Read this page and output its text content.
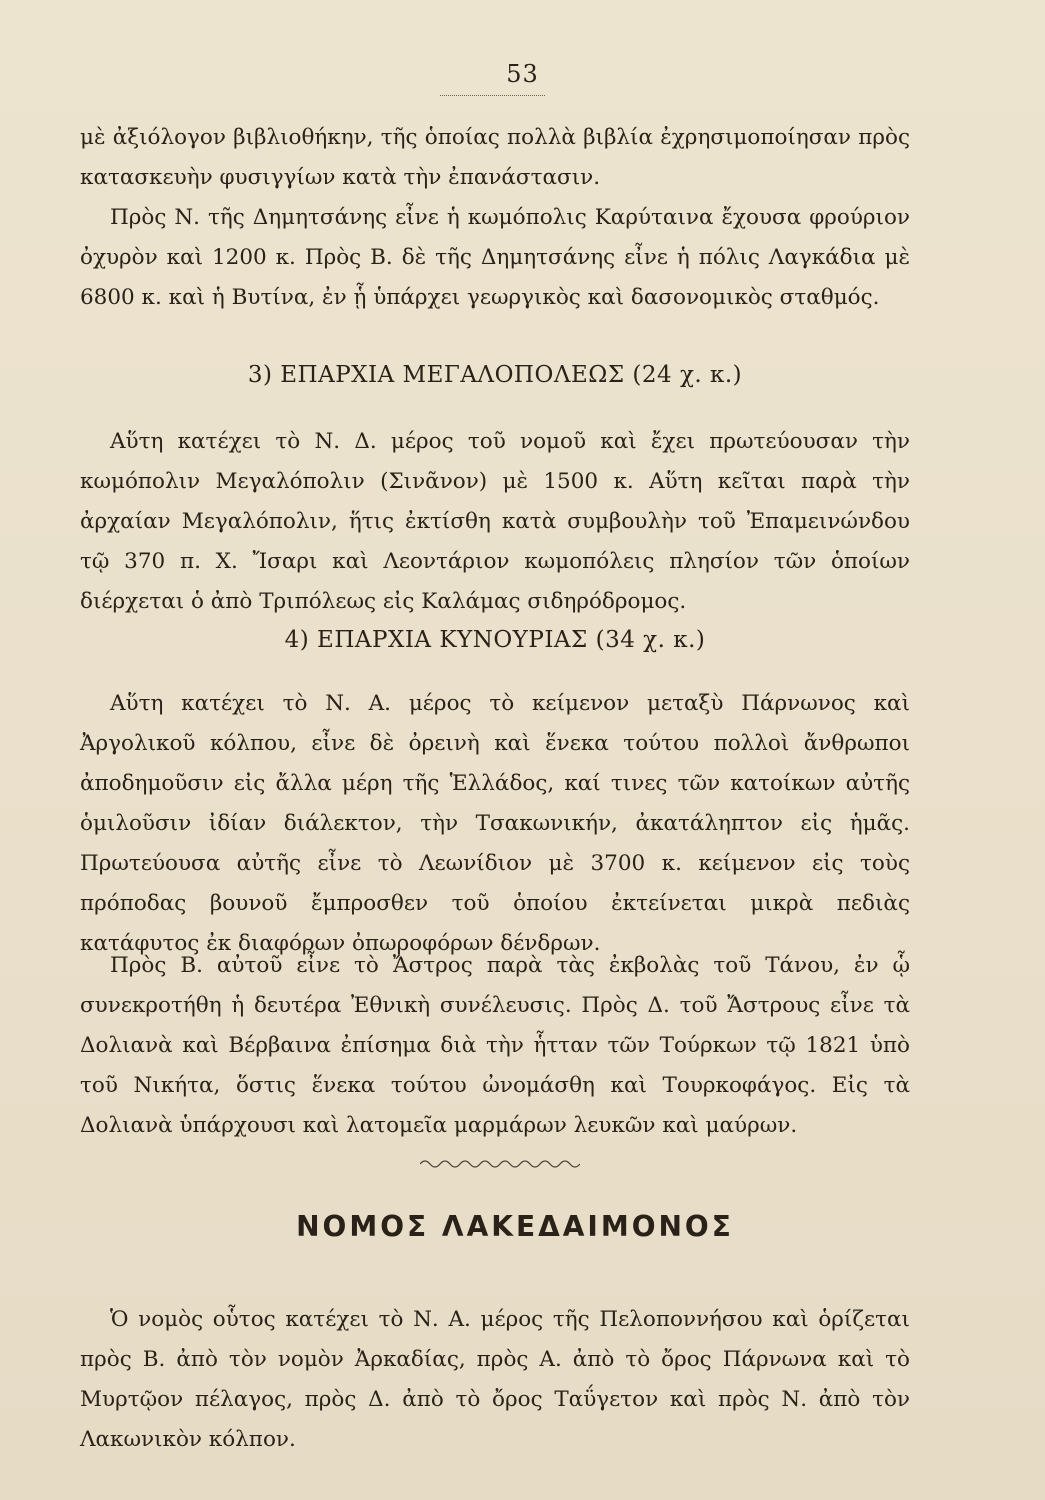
53
μὲ ἀξιόλογον βιβλιοθήκην, τῆς ὁποίας πολλὰ βιβλία ἐχρησιμοποίησαν πρὸς κατασκευὴν φυσιγγίων κατὰ τὴν ἐπανάστασιν.
Πρὸς Ν. τῆς Δημητσάνης εἶνε ἡ κωμόπολις Καρύταινα ἔχουσα φρούριον ὀχυρὸν καὶ 1200 κ. Πρὸς Β. δὲ τῆς Δημητσάνης εἶνε ἡ πόλις Λαγκάδια μὲ 6800 κ. καὶ ἡ Βυτίνα, ἐν ᾗ ὑπάρχει γεωργικὸς καὶ δασονομικὸς σταθμός.
3) ΕΠΑΡΧΙΑ ΜΕΓΑΛΟΠΟΛΕΩΣ (24 χ. κ.)
Αὕτη κατέχει τὸ Ν. Δ. μέρος τοῦ νομοῦ καὶ ἔχει πρωτεύουσαν τὴν κωμόπολιν Μεγαλόπολιν (Σινᾶνον) μὲ 1500 κ. Αὕτη κεῖται παρὰ τὴν ἀρχαίαν Μεγαλόπολιν, ἥτις ἐκτίσθη κατὰ συμβουλὴν τοῦ Ἐπαμεινώνδου τῷ 370 π. Χ. Ἴσαρι καὶ Λεοντάριον κωμοπόλεις πλησίον τῶν ὁποίων διέρχεται ὁ ἀπὸ Τριπόλεως εἰς Καλάμας σιδηρόδρομος.
4) ΕΠΑΡΧΙΑ ΚΥΝΟΥΡΙΑΣ (34 χ. κ.)
Αὕτη κατέχει τὸ Ν. Α. μέρος τὸ κείμενον μεταξὺ Πάρνωνος καὶ Ἀργολικοῦ κόλπου, εἶνε δὲ ὀρεινὴ καὶ ἕνεκα τούτου πολλοὶ ἄνθρωποι ἀποδημοῦσιν εἰς ἄλλα μέρη τῆς Ἑλλάδος, καί τινες τῶν κατοίκων αὐτῆς ὁμιλοῦσιν ἰδίαν διάλεκτον, τὴν Τσακωνικήν, ἀκατάληπτον εἰς ἡμᾶς. Πρωτεύουσα αὐτῆς εἶνε τὸ Λεωνίδιον μὲ 3700 κ. κείμενον εἰς τοὺς πρόποδας βουνοῦ ἔμπροσθεν τοῦ ὁποίου ἐκτείνεται μικρὰ πεδιὰς κατάφυτος ἐκ διαφόρων ὀπωροφόρων δένδρων.
Πρὸς Β. αὐτοῦ εἶνε τὸ Ἄστρος παρὰ τὰς ἐκβολὰς τοῦ Τάνου, ἐν ᾧ συνεκροτήθη ἡ δευτέρα Ἐθνικὴ συνέλευσις. Πρὸς Δ. τοῦ Ἄστρους εἶνε τὰ Δολιανὰ καὶ Βέρβαινα ἐπίσημα διὰ τὴν ἧτταν τῶν Τούρκων τῷ 1821 ὑπὸ τοῦ Νικήτα, ὅστις ἕνεκα τούτου ὠνομάσθη καὶ Τουρκοφάγος. Εἰς τὰ Δολιανὰ ὑπάρχουσι καὶ λατομεῖα μαρμάρων λευκῶν καὶ μαύρων.
ΝΟΜΟΣ ΛΑΚΕΔΑΙΜΟΝΟΣ
Ὁ νομὸς οὗτος κατέχει τὸ Ν. Α. μέρος τῆς Πελοποννήσου καὶ ὁρίζεται πρὸς Β. ἀπὸ τὸν νομὸν Ἀρκαδίας, πρὸς Α. ἀπὸ τὸ ὄρος Πάρνωνα καὶ τὸ Μυρτῷον πέλαγος, πρὸς Δ. ἀπὸ τὸ ὄρος Ταΰγετον καὶ πρὸς Ν. ἀπὸ τὸν Λακωνικὸν κόλπον.
